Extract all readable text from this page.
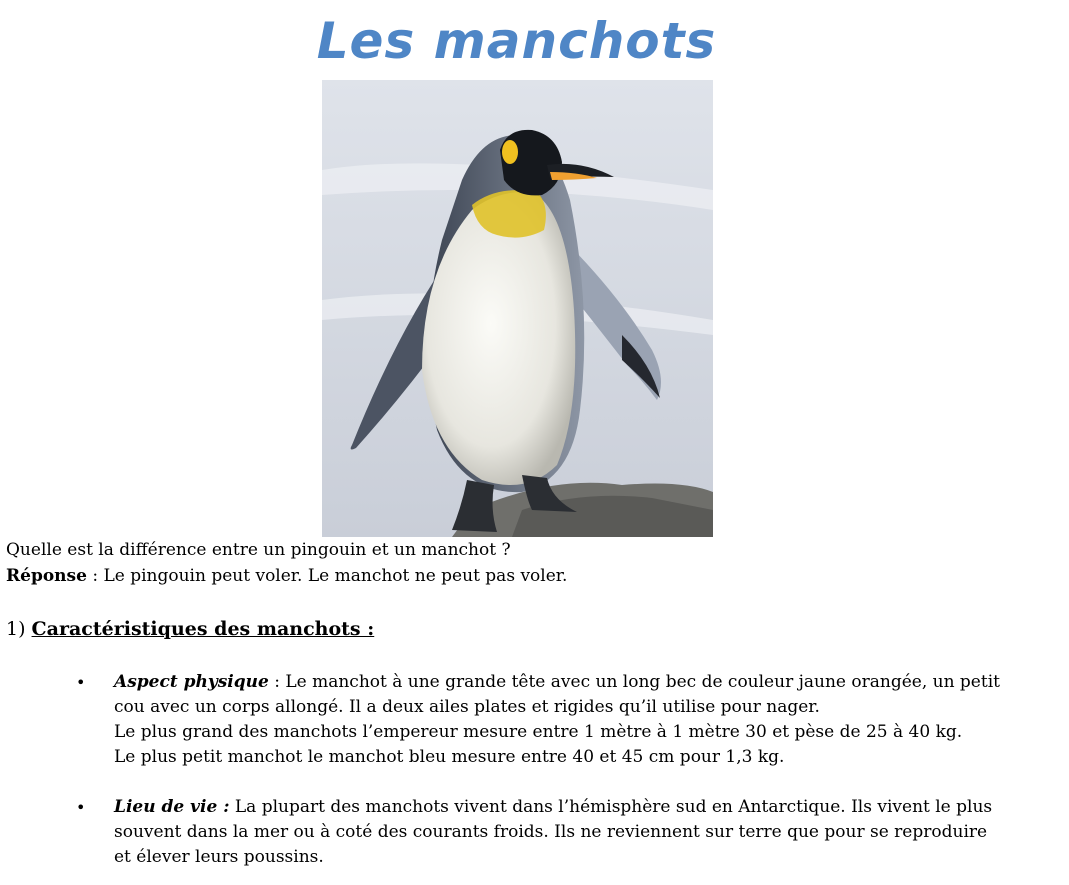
Les manchots
Quelle est la différence entre un pingouin et un manchot ?
Réponse : Le pingouin peut voler. Le manchot ne peut pas voler.
1) Caractéristiques des manchots :
• Aspect physique : Le manchot à une grande tête avec un long bec de couleur jaune orangée, un petit
cou avec un corps allongé. Il a deux ailes plates et rigides qu’il utilise pour nager.
Le plus grand des manchots l’empereur mesure entre 1 mètre à 1 mètre 30 et pèse de 25 à 40 kg.
Le plus petit manchot le manchot bleu mesure entre 40 et 45 cm pour 1,3 kg.
• Lieu de vie : La plupart des manchots vivent dans l’hémisphère sud en Antarctique. Ils vivent le plus
souvent dans la mer ou à coté des courants froids. Ils ne reviennent sur terre que pour se reproduire
et élever leurs poussins.
